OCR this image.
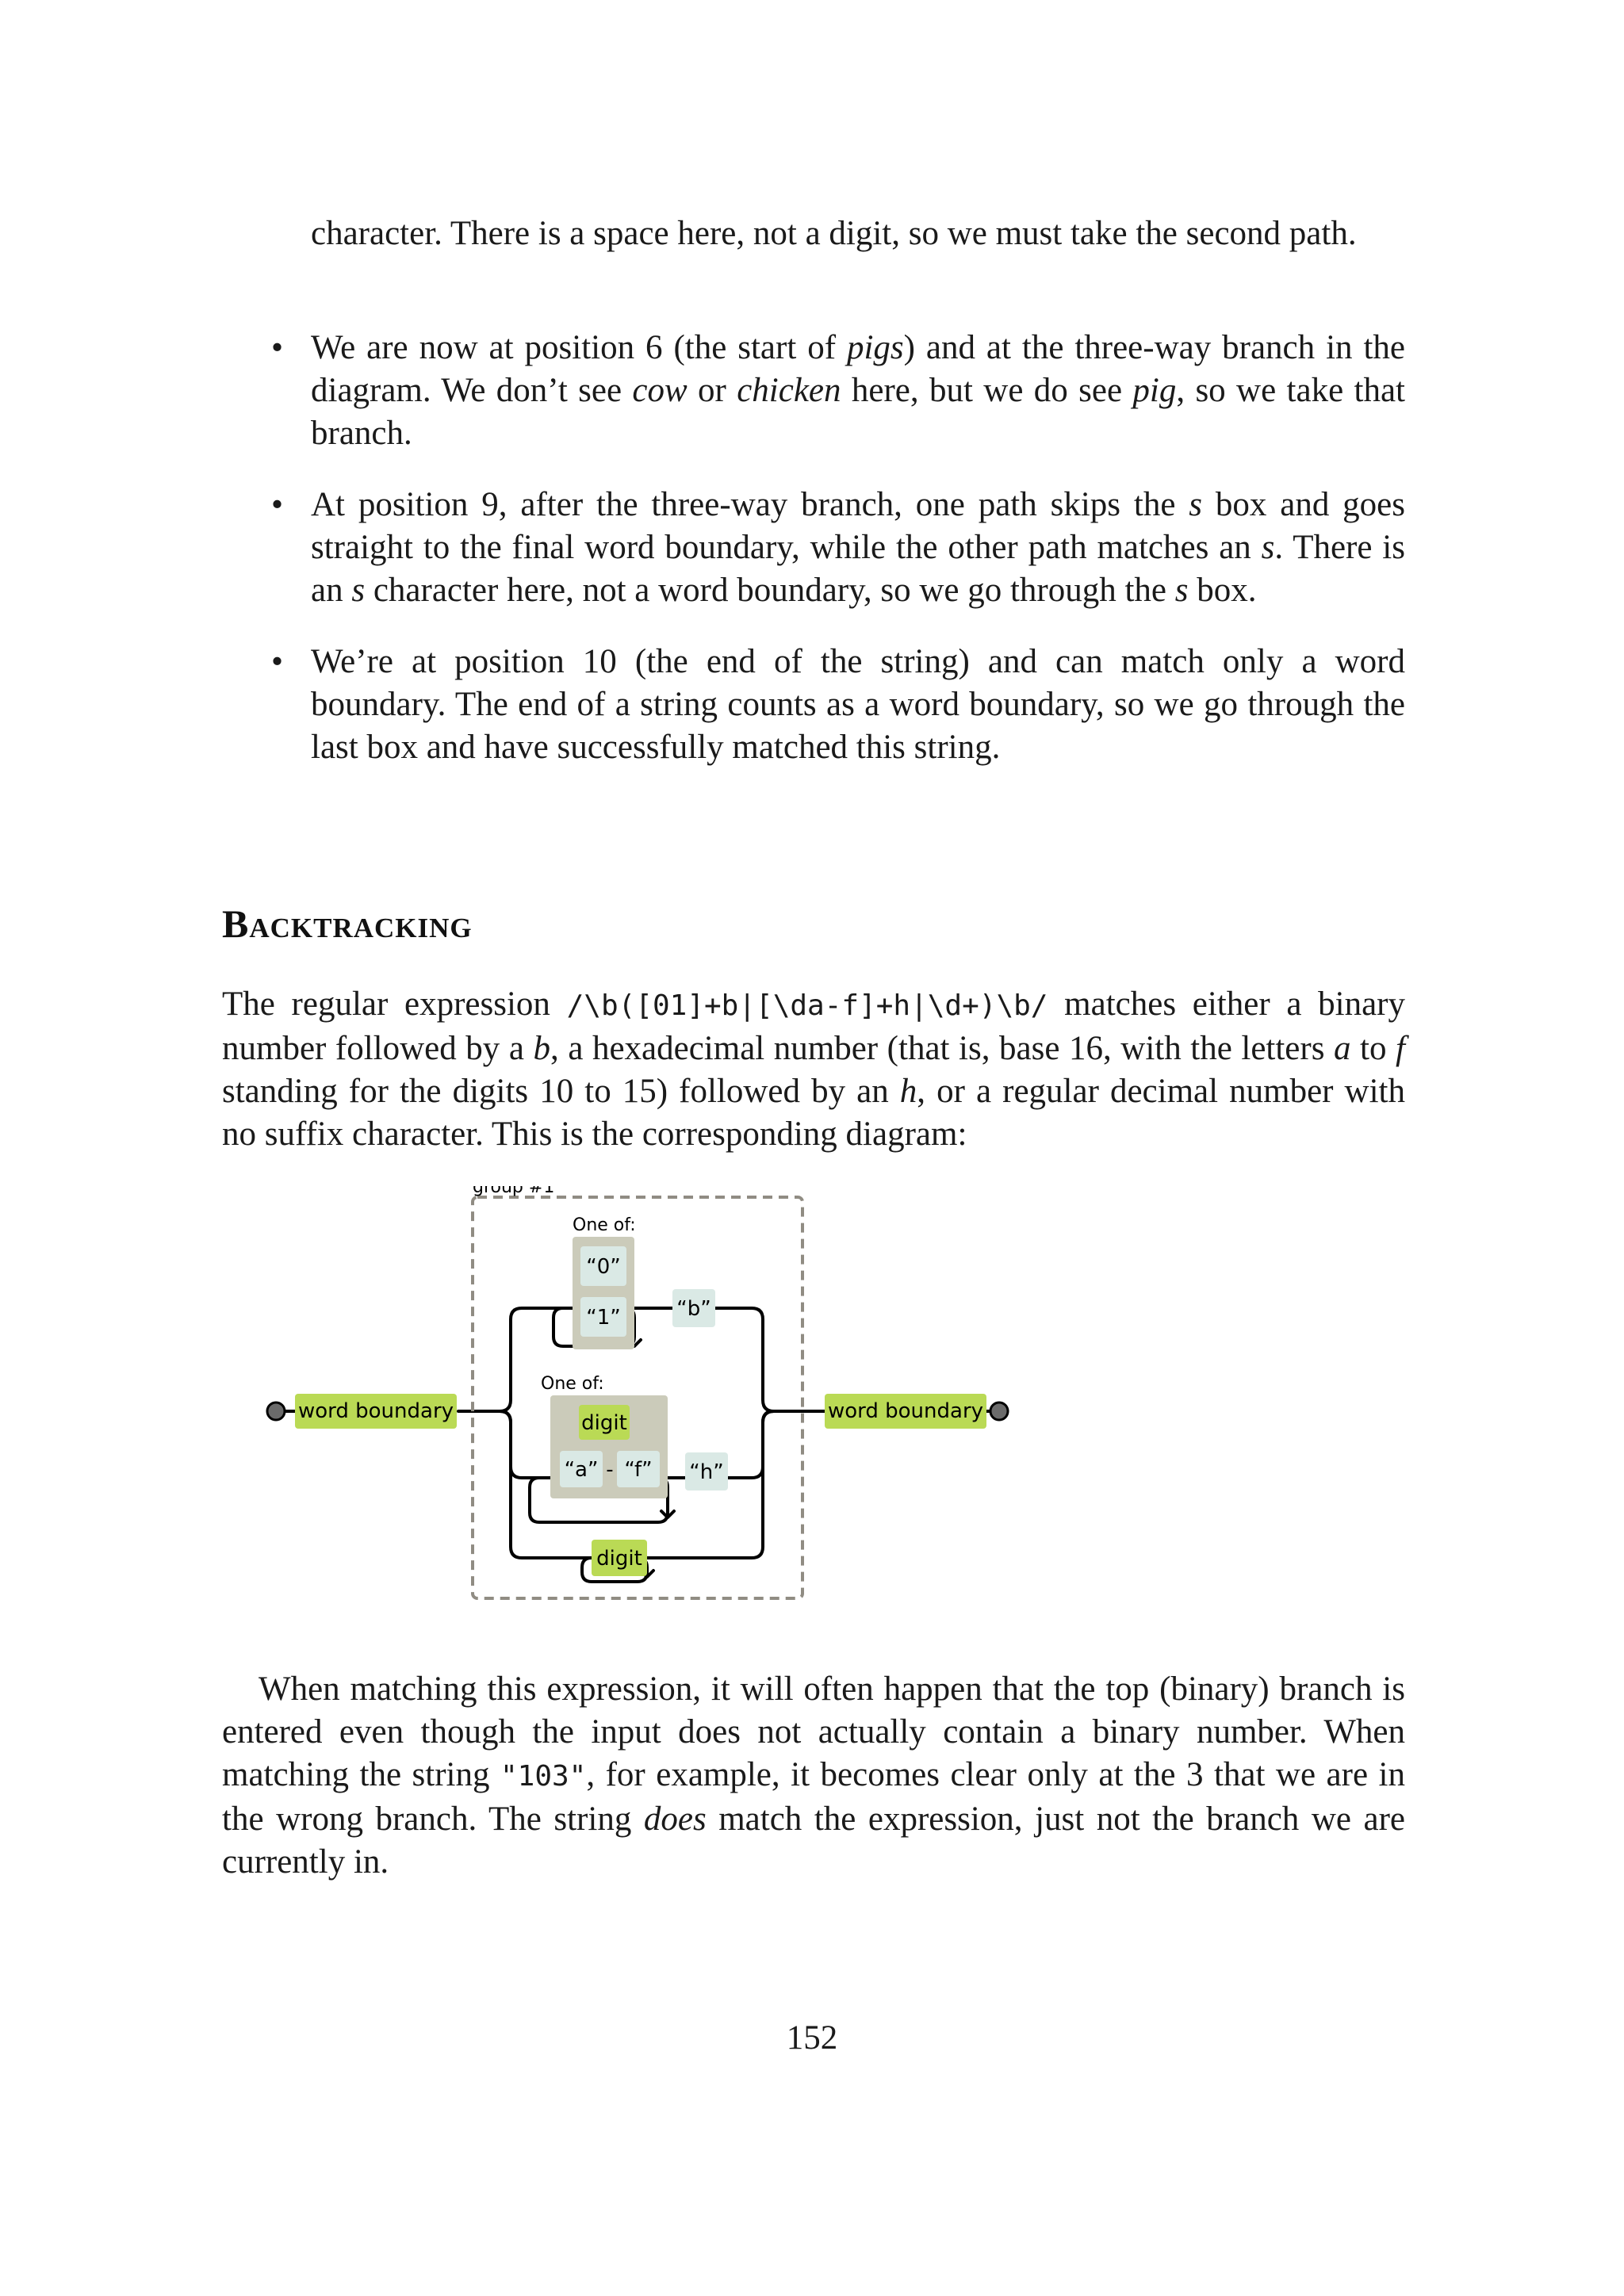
character. There is a space here, not a digit, so we must take the second path.

• We are now at position 6 (the start of pigs) and at the three-way branch in the diagram. We don’t see cow or chicken here, but we do see pig, so we take that branch.
• At position 9, after the three-way branch, one path skips the s box and goes straight to the final word boundary, while the other path matches an s. There is an s character here, not a word boundary, so we go through the s box.
• We’re at position 10 (the end of the string) and can match only a word boundary. The end of a string counts as a word boundary, so we go through the last box and have successfully matched this string.
Backtracking

The regular expression /\b([01]+b|[\da-f]+h|\d+)\b/ matches either a binary number followed by a b, a hexadecimal number (that is, base 16, with the letters a to f standing for the digits 10 to 15) followed by an h, or a regular decimal number with no suffix character. This is the corresponding diagram:

group #1
word boundary	word boundary
One of:
“0”
“1”	“b”
One of:
digit
“a” - “f” “h”
digit

When matching this expression, it will often happen that the top (binary) branch is entered even though the input does not actually contain a binary number. When matching the string "103", for example, it becomes clear only at the 3 that we are in the wrong branch. The string does match the expression, just not the branch we are currently in.

152
